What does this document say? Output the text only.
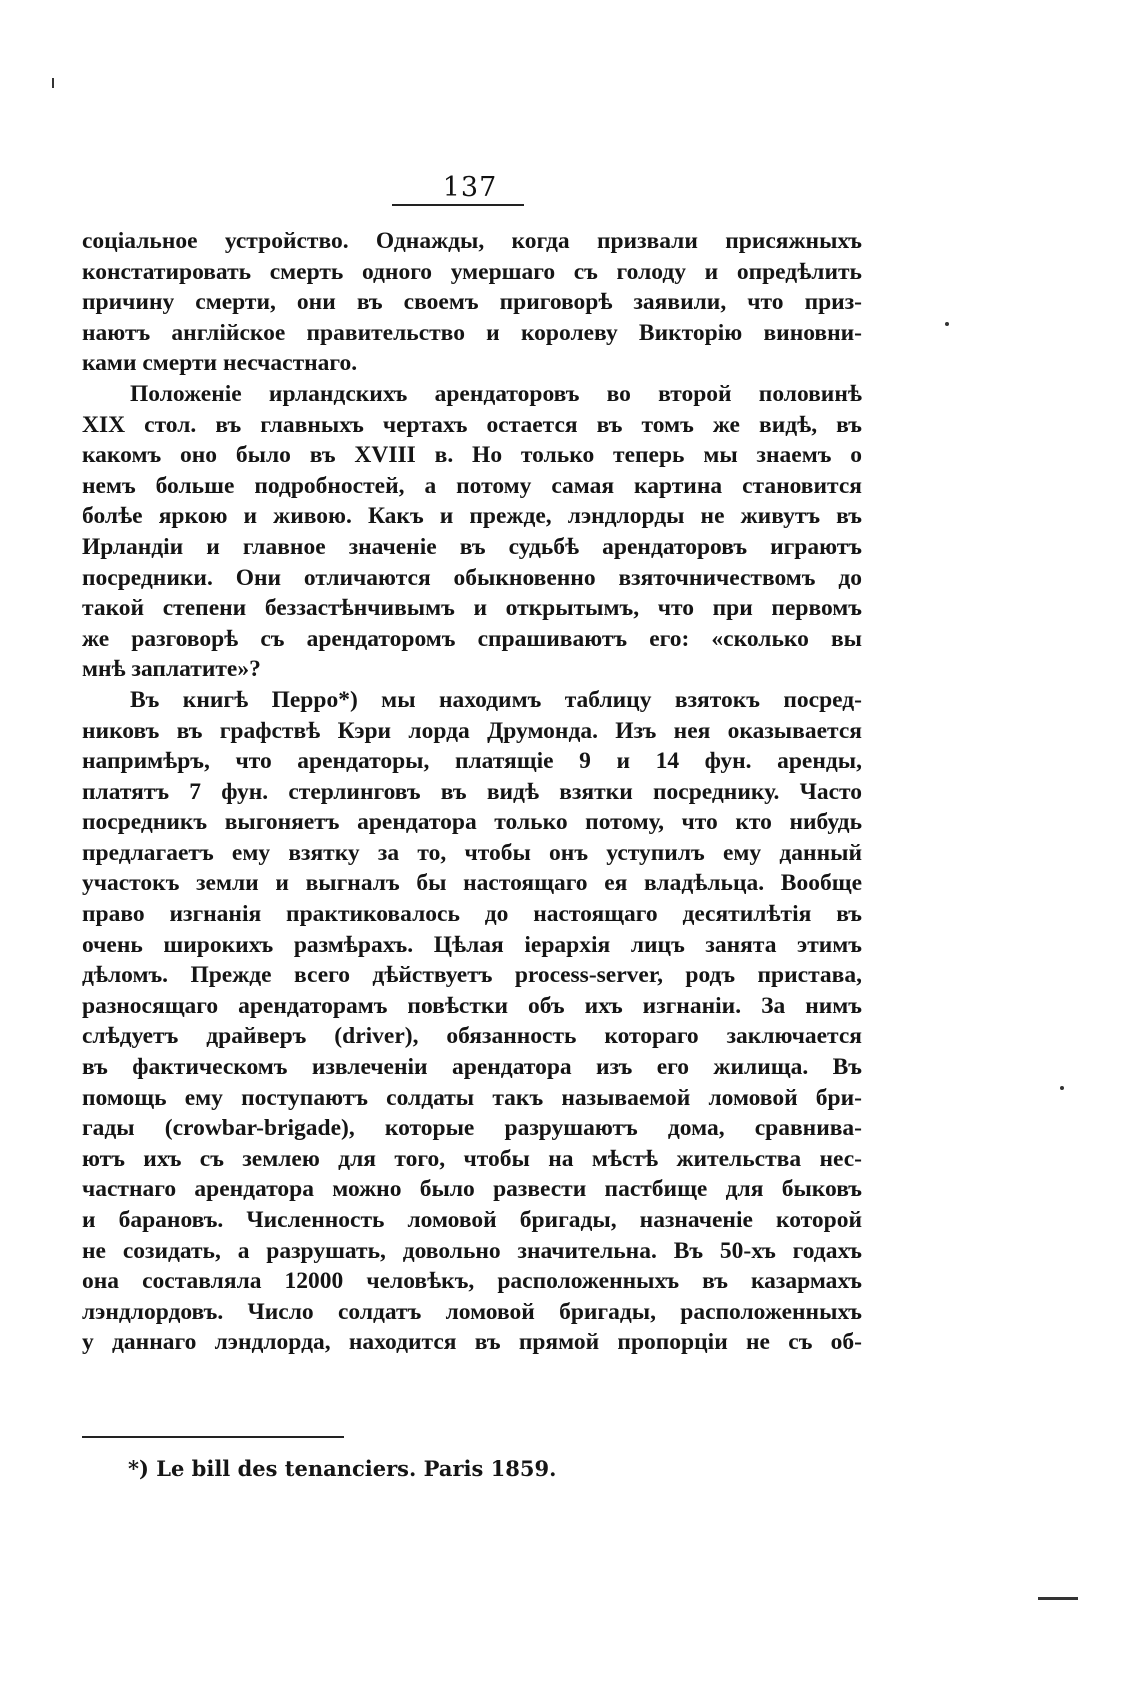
137
соціальное устройство. Однажды, когда призвали присяжныхъ
констатировать смерть одного умершаго съ голоду и опредѣлить
причину смерти, они въ своемъ приговорѣ заявили, что приз-
наютъ англійское правительство и королеву Викторію виновни-
ками смерти несчастнаго.
Положеніе ирландскихъ арендаторовъ во второй половинѣ
XIX стол. въ главныхъ чертахъ остается въ томъ же видѣ, въ
какомъ оно было въ XVIII в. Но только теперь мы знаемъ о
немъ больше подробностей, а потому самая картина становится
болѣе яркою и живою. Какъ и прежде, лэндлорды не живутъ въ
Ирландіи и главное значеніе въ судьбѣ арендаторовъ играютъ
посредники. Они отличаются обыкновенно взяточничествомъ до
такой степени беззастѣнчивымъ и открытымъ, что при первомъ
же разговорѣ съ арендаторомъ спрашиваютъ его: «сколько вы
мнѣ заплатите»?
Въ книгѣ Перро*) мы находимъ таблицу взятокъ посред-
никовъ въ графствѣ Кэри лорда Друмонда. Изъ нея оказывается
напримѣръ, что арендаторы, платящіе 9 и 14 фун. аренды,
платятъ 7 фун. стерлинговъ въ видѣ взятки посреднику. Часто
посредникъ выгоняетъ арендатора только потому, что кто нибудь
предлагаетъ ему взятку за то, чтобы онъ уступилъ ему данный
участокъ земли и выгналъ бы настоящаго ея владѣльца. Вообще
право изгнанія практиковалось до настоящаго десятилѣтія въ
очень широкихъ размѣрахъ. Цѣлая іерархія лицъ занята этимъ
дѣломъ. Прежде всего дѣйствуетъ process-server, родъ пристава,
разносящаго арендаторамъ повѣстки объ ихъ изгнаніи. За нимъ
слѣдуетъ драйверъ (driver), обязанность котораго заключается
въ фактическомъ извлеченіи арендатора изъ его жилища. Въ
помощь ему поступаютъ солдаты такъ называемой ломовой бри-
гады (crowbar-brigade), которые разрушаютъ дома, сравнива-
ютъ ихъ съ землею для того, чтобы на мѣстѣ жительства нес-
частнаго арендатора можно было развести пастбище для быковъ
и барановъ. Численность ломовой бригады, назначеніе которой
не созидать, а разрушать, довольно значительна. Въ 50-хъ годахъ
она составляла 12000 человѣкъ, расположенныхъ въ казармахъ
лэндлордовъ. Число солдатъ ломовой бригады, расположенныхъ
у даннаго лэндлорда, находится въ прямой пропорціи не съ об-
*) Le bill des tenanciers. Paris 1859.
